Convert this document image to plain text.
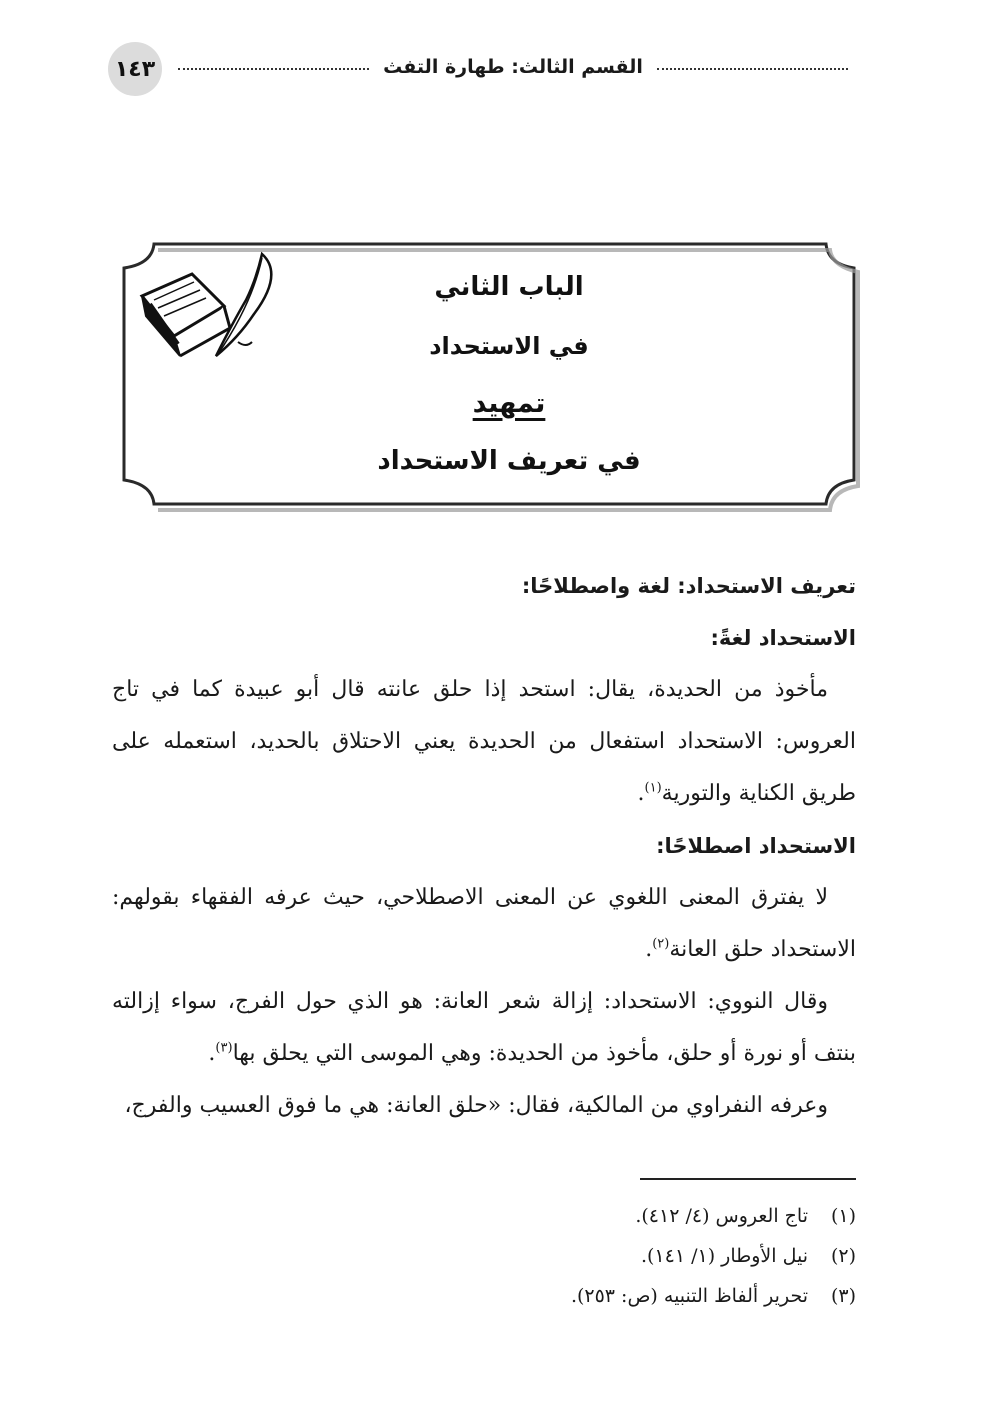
١٤٣	القسم الثالث: طهارة التفث
الباب الثاني
في الاستحداد
تمهيد
في تعريف الاستحداد

تعريف الاستحداد: لغة واصطلاحًا:

الاستحداد لغةً:

مأخوذ من الحديدة، يقال: استحد إذا حلق عانته قال أبو عبيدة كما في تاج العروس: الاستحداد استفعال من الحديدة يعني الاحتلاق بالحديد، استعمله على طريق الكناية والتورية$^{(١)}$.

الاستحداد اصطلاحًا:

لا يفترق المعنى اللغوي عن المعنى الاصطلاحي، حيث عرفه الفقهاء بقولهم: الاستحداد حلق العانة$^{(٢)}$.

وقال النووي: الاستحداد: إزالة شعر العانة: هو الذي حول الفرج، سواء إزالته بنتف أو نورة أو حلق، مأخوذ من الحديدة: وهي الموسى التي يحلق بها$^{(٣)}$.

وعرفه النفراوي من المالكية، فقال: «حلق العانة: هي ما فوق العسيب والفرج،

(١)
تاج العروس (٤/ ٤١٢).
(٢)
نيل الأوطار (١/ ١٤١).
(٣)
تحرير ألفاظ التنبيه (ص: ٢٥٣).
